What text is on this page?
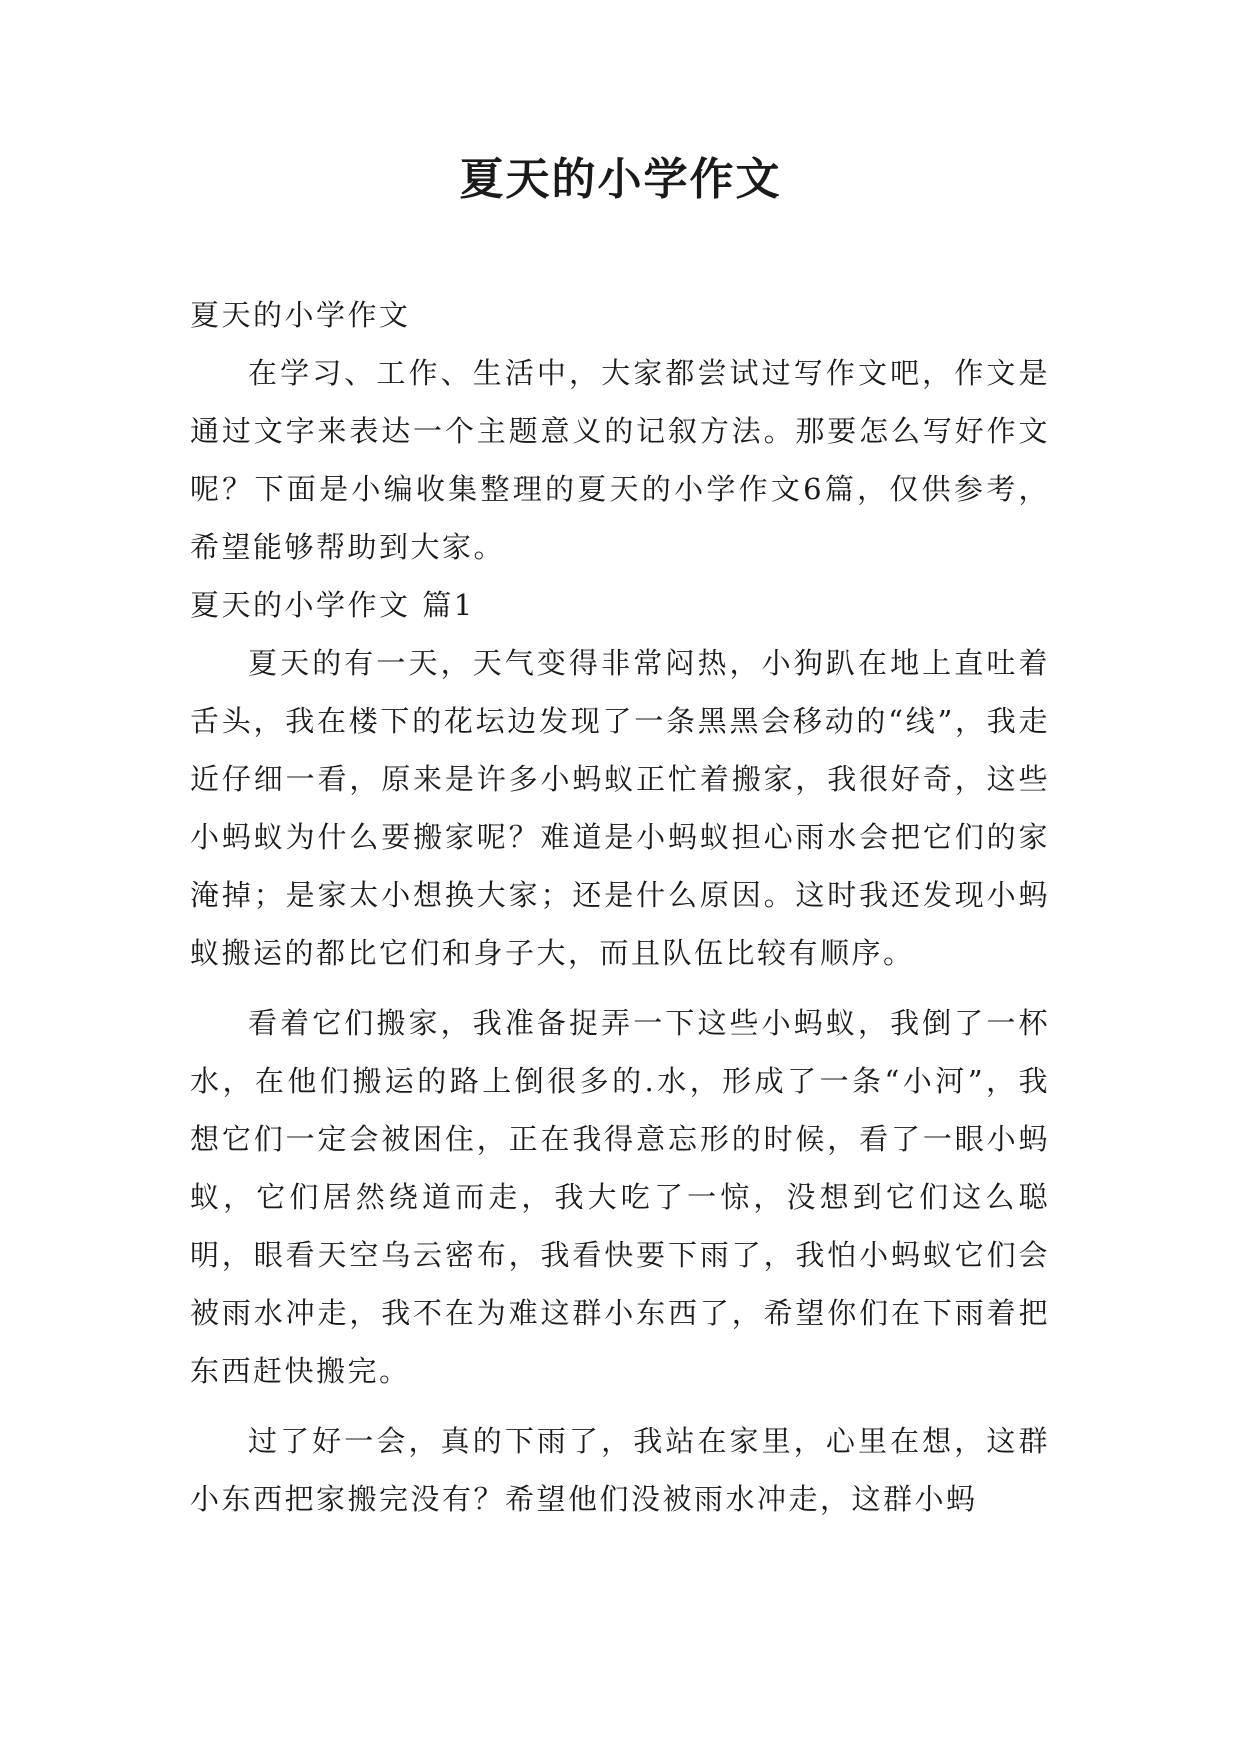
夏天的小学作文

夏天的小学作文

在学习、工作、生活中，大家都尝试过写作文吧，作文是通过文字来表达一个主题意义的记叙方法。那要怎么写好作文呢？下面是小编收集整理的夏天的小学作文6篇，仅供参考，希望能够帮助到大家。

夏天的小学作文 篇1

夏天的有一天，天气变得非常闷热，小狗趴在地上直吐着舌头，我在楼下的花坛边发现了一条黑黑会移动的“线”，我走近仔细一看，原来是许多小蚂蚁正忙着搬家，我很好奇，这些小蚂蚁为什么要搬家呢？难道是小蚂蚁担心雨水会把它们的家淹掉；是家太小想换大家；还是什么原因。这时我还发现小蚂蚁搬运的都比它们和身子大，而且队伍比较有顺序。

看着它们搬家，我准备捉弄一下这些小蚂蚁，我倒了一杯水，在他们搬运的路上倒很多的.水，形成了一条“小河”，我想它们一定会被困住，正在我得意忘形的时候，看了一眼小蚂蚁，它们居然绕道而走，我大吃了一惊，没想到它们这么聪明，眼看天空乌云密布，我看快要下雨了，我怕小蚂蚁它们会被雨水冲走，我不在为难这群小东西了，希望你们在下雨着把东西赶快搬完。

过了好一会，真的下雨了，我站在家里，心里在想，这群小东西把家搬完没有？希望他们没被雨水冲走，这群小蚂
